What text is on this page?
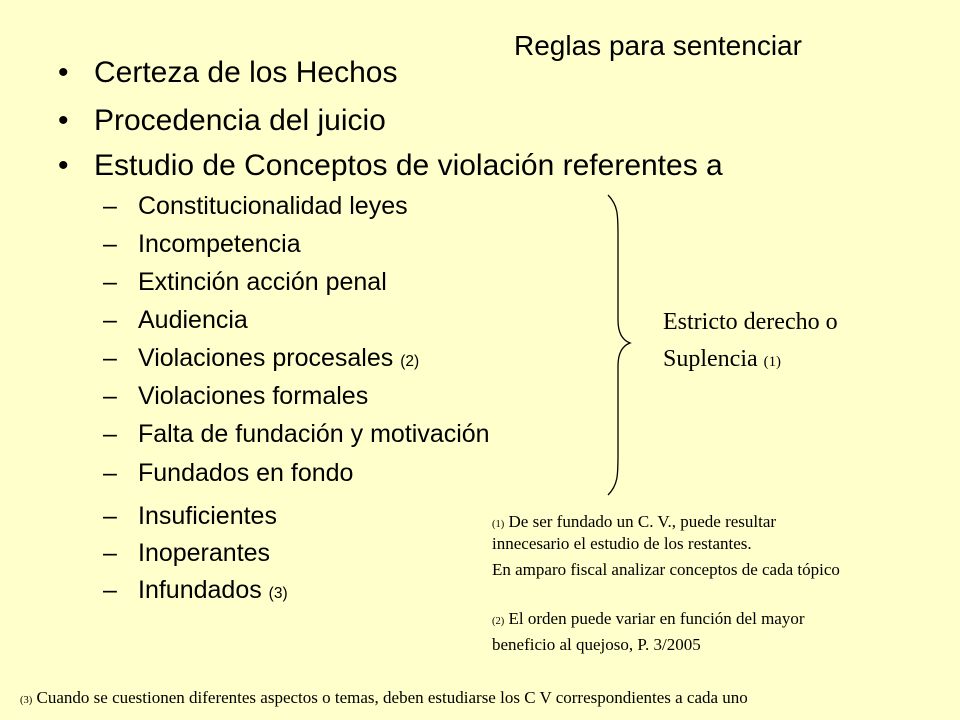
Reglas para sentenciar
• Certeza de los Hechos
• Procedencia del juicio
• Estudio de Conceptos de violación referentes a
– Constitucionalidad leyes
– Incompetencia
– Extinción acción penal
– Audiencia
– Violaciones procesales $^{(2)}$
– Violaciones formales
– Falta de fundación y motivación
– Fundados en fondo
– Insuficientes
– Inoperantes
– Infundados $^{(3)}$
Estricto derecho o
Suplencia $^{(1)}$
$^{(1)}$ De ser fundado un C. V., puede resultar
innecesario el estudio de los restantes.
En amparo fiscal analizar conceptos de cada tópico
$^{(2)}$ El orden puede variar en función del mayor
beneficio al quejoso, P. 3/2005
$^{(3)}$ Cuando se cuestionen diferentes aspectos o temas, deben estudiarse los C V correspondientes a cada uno
